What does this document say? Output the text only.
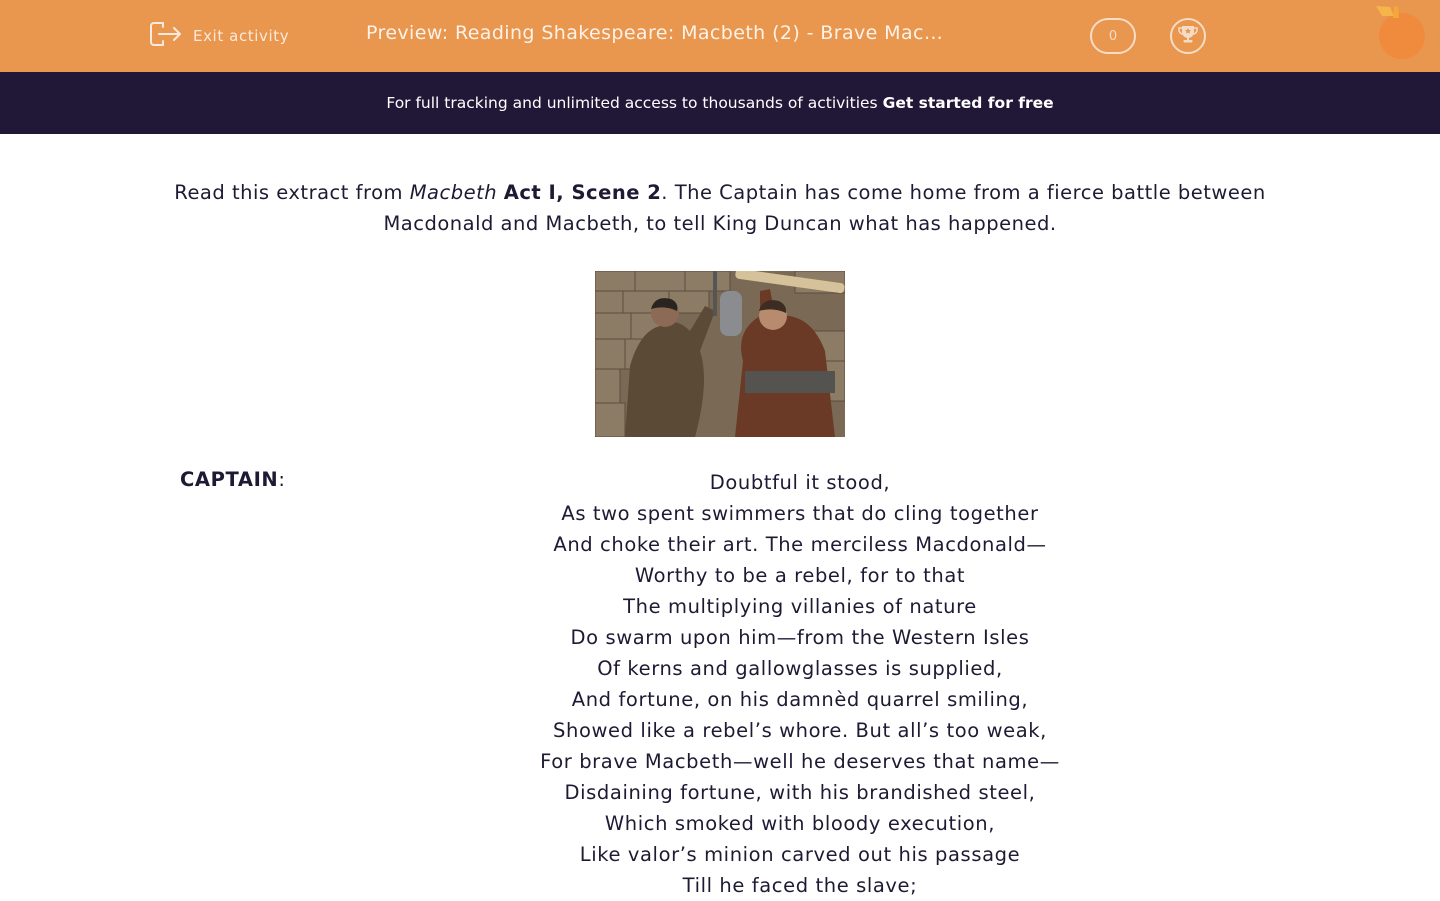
Exit activity	Preview: Reading Shakespeare: Macbeth (2) - Brave Mac…	0
For full tracking and unlimited access to thousands of activities Get started for free
Read this extract from Macbeth Act I, Scene 2. The Captain has come home from a fierce battle between Macdonald and Macbeth, to tell King Duncan what has happened.
CAPTAIN:	Doubtful it stood,
As two spent swimmers that do cling together
And choke their art. The merciless Macdonald—
Worthy to be a rebel, for to that
The multiplying villanies of nature
Do swarm upon him—from the Western Isles
Of kerns and gallowglasses is supplied,
And fortune, on his damnèd quarrel smiling,
Showed like a rebel’s whore. But all’s too weak,
For brave Macbeth—well he deserves that name—
Disdaining fortune, with his brandished steel,
Which smoked with bloody execution,
Like valor’s minion carved out his passage
Till he faced the slave;
